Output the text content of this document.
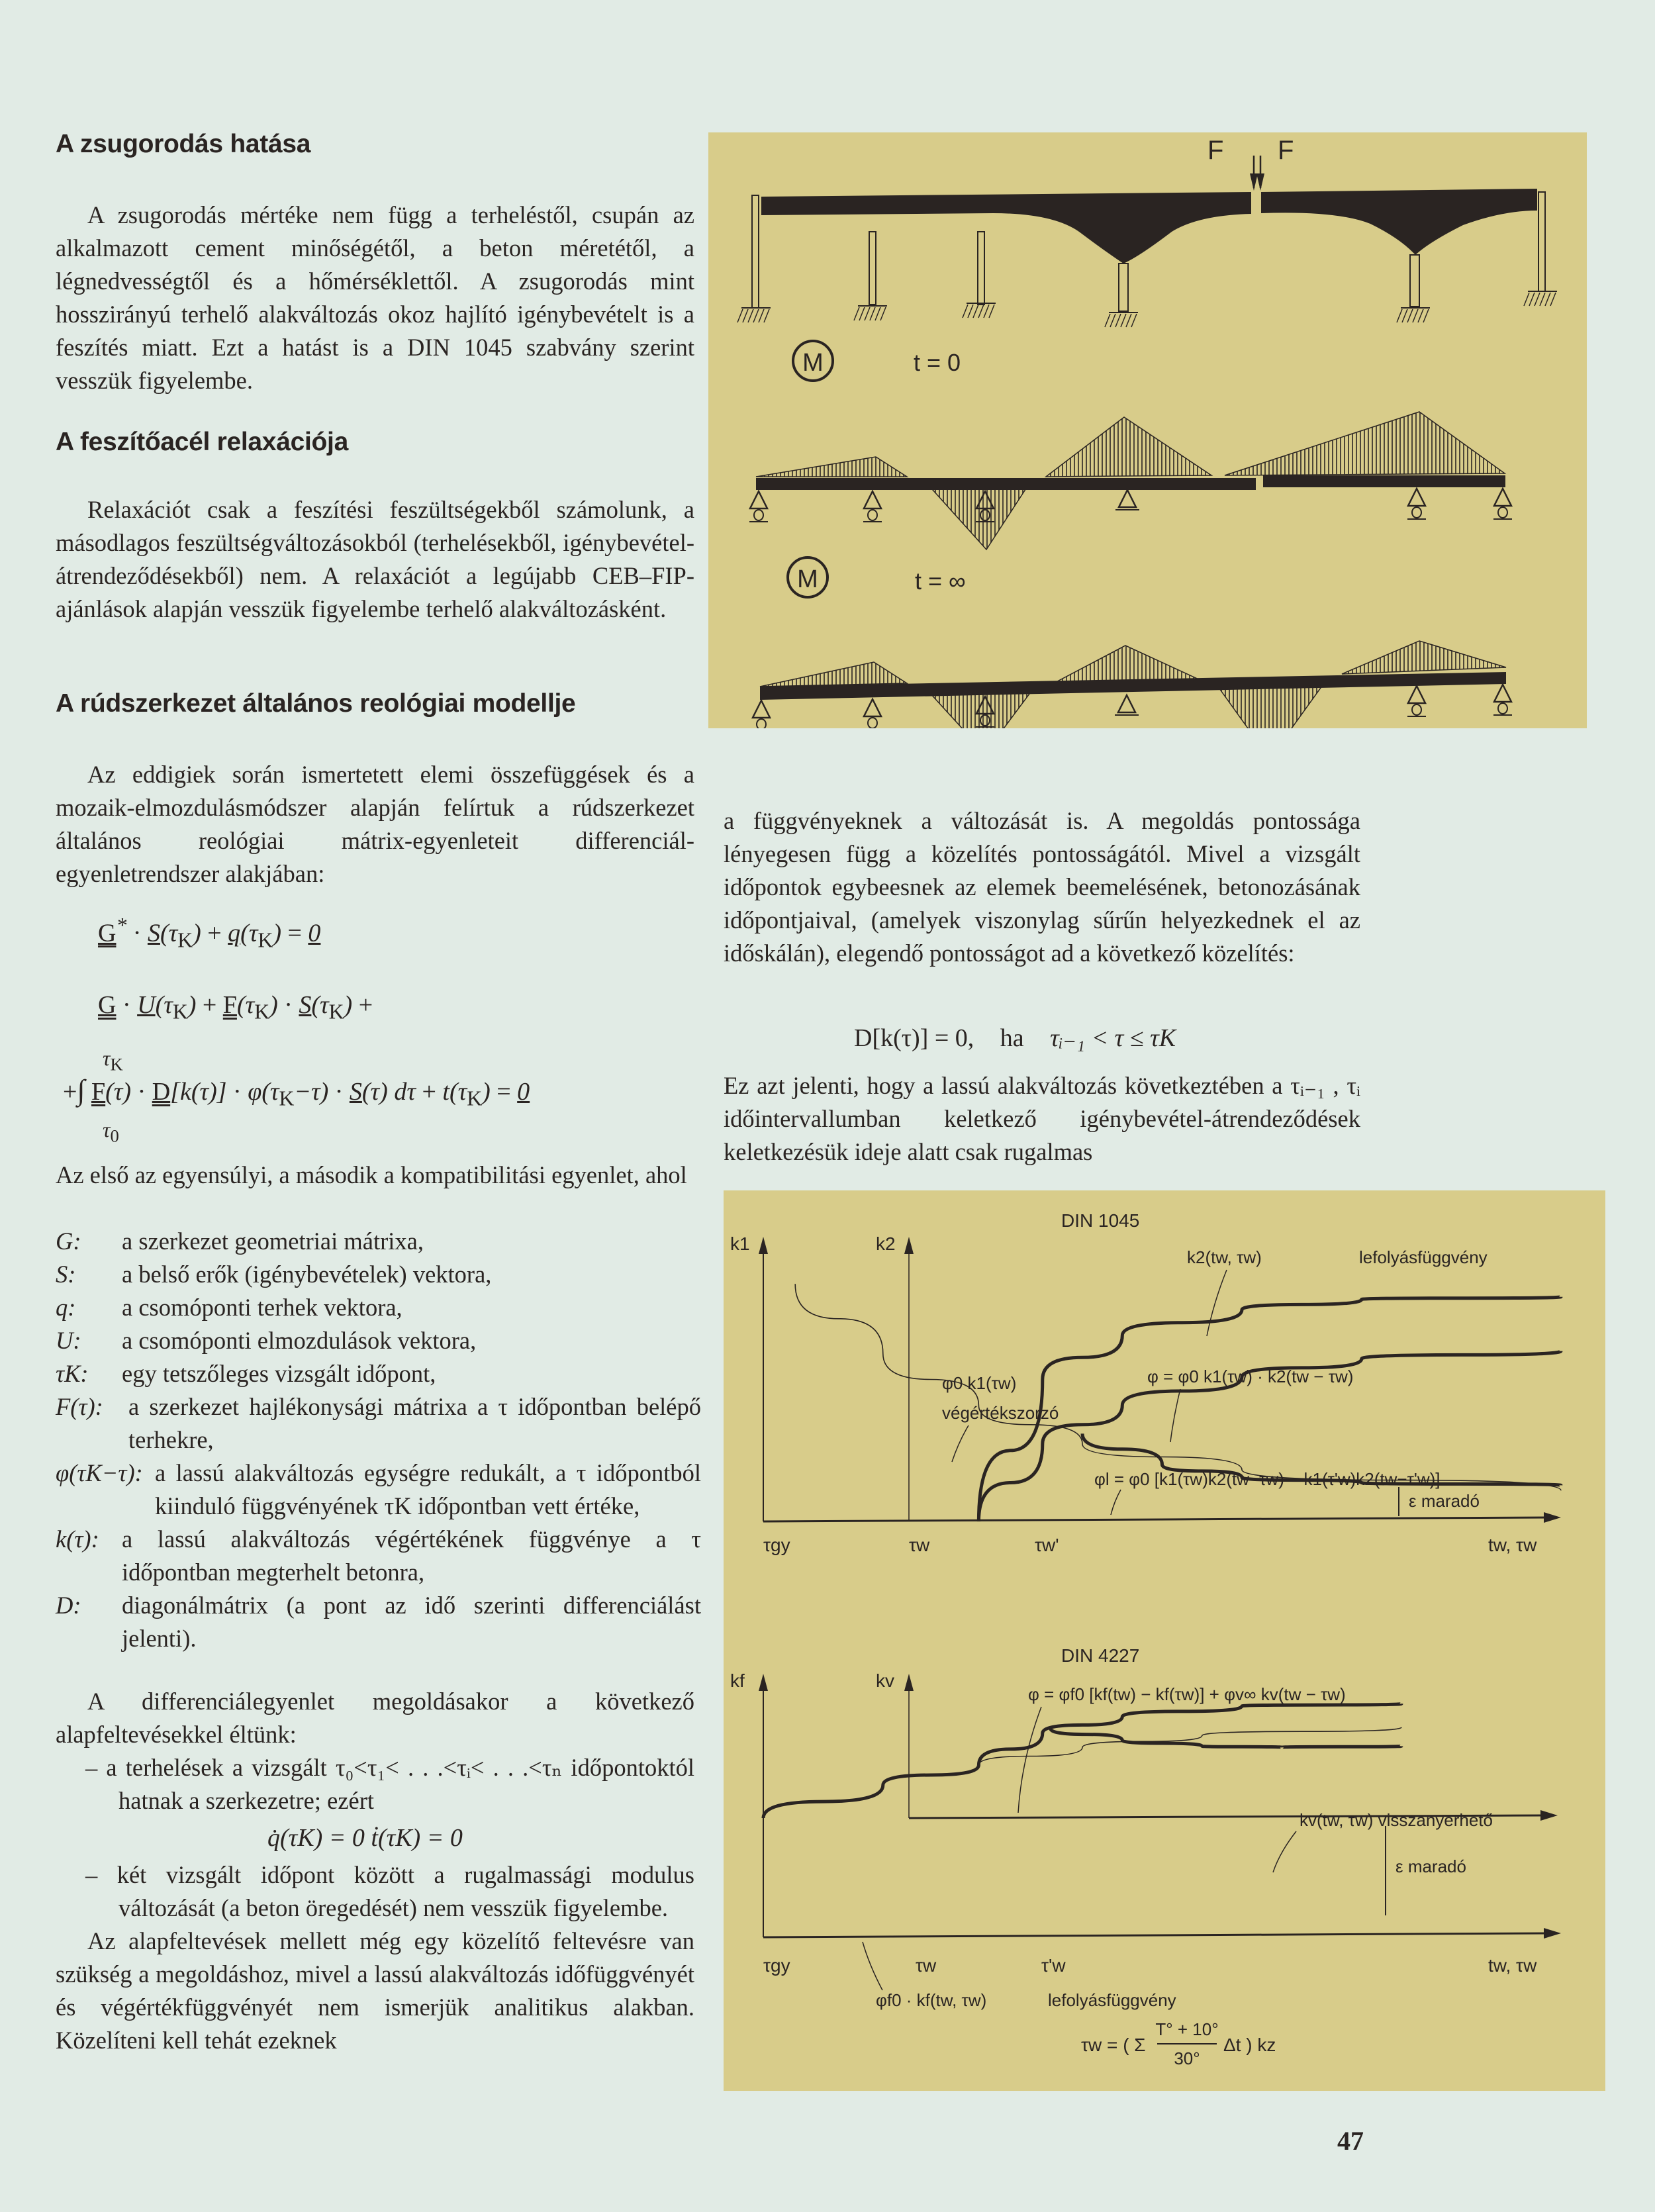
A zsugorodás hatása

A zsugorodás mértéke nem függ a terheléstől, csupán az alkalmazott cement minőségétől, a beton méretétől, a légnedvességtől és a hőmérséklettől. A zsugorodás mint hosszirányú terhelő alakváltozás okoz hajlító igénybevételt is a feszítés miatt. Ezt a hatást is a DIN 1045 szabvány szerint vesszük figyelembe.

A feszítőacél relaxációja

Relaxációt csak a feszítési feszültségekből számolunk, a másodlagos feszültségváltozásokból (terhelésekből, igénybevétel-átrendeződésekből) nem. A relaxációt a legújabb CEB–FIP-ajánlások alapján vesszük figyelembe terhelő alakváltozásként.

A rúdszerkezet általános reológiai modellje

Az eddigiek során ismertetett elemi összefüggések és a mozaik-elmozdulásmódszer alapján felírtuk a rúdszerkezet általános reológiai mátrix-egyenleteit differenciál-egyenletrendszer alakjában:

$G^* \cdot S(\tau_K) + q(\tau_K) = 0$
$G \cdot U(\tau_K) + F(\tau_K) \cdot S(\tau_K)$ +
$\tau_K$
+∫ $F(\tau) \cdot D[k(\tau)] \cdot \varphi(\tau_K-\tau) \cdot S(\tau) d\tau + t(\tau_K) = 0$
$\tau_0$

Az első az egyensúlyi, a második a kompatibilitási egyenlet, ahol

G:	a szerkezet geometriai mátrixa,
S:	a belső erők (igénybevételek) vektora,
q:	a csomóponti terhek vektora,
U:	a csomóponti elmozdulások vektora,
τK:	egy tetszőleges vizsgált időpont,
F(τ):	a szerkezet hajlékonysági mátrixa a τ időpontban belépő terhekre,
φ(τK−τ): a lassú alakváltozás egységre redukált, a τ időpontból kiinduló függvényének τK időpontban vett értéke,
k(τ): a lassú alakváltozás végértékének függvénye a τ időpontban megterhelt betonra,
D:	diagonálmátrix (a pont az idő szerinti differenciálást jelenti).

A differenciálegyenlet megoldásakor a következő alapfeltevésekkel éltünk:

– a terhelések a vizsgált τ₀<τ₁< . . .<τᵢ< . . .<τₙ időpontoktól hatnak a szerkezetre; ezért
q̇(τK) = 0 ṫ(τK) = 0
– két vizsgált időpont között a rugalmassági modulus változását (a beton öregedését) nem vesszük figyelembe.

Az alapfeltevések mellett még egy közelítő feltevésre van szükség a megoldáshoz, mivel a lassú alakváltozás időfüggvényét és végértékfüggvényét nem ismerjük analitikus alakban. Közelíteni kell tehát ezeknek

a függvényeknek a változását is. A megoldás pontossága lényegesen függ a közelítés pontosságától. Mivel a vizsgált időpontok egybeesnek az elemek beemelésének, betonozásának időpontjaival, (amelyek viszonylag sűrűn helyezkednek el az időskálán), elegendő pontosságot ad a következő közelítés:

D[k(τ)] = 0, ha τᵢ₋₁ < τ ≤ τK

Ez azt jelenti, hogy a lassú alakváltozás következtében a τᵢ₋₁ , τᵢ időintervallumban keletkező igénybevétel-átrendeződések keletkezésük ideje alatt csak rugalmas

F F
M	t = 0
M	t = ∞
DIN 1045
k1	k2
τgy	τw	τw'	tw, τw
DIN 4227
kf	kv
τgy	τw	τ'w	tw, τw
k2(tw, τw)	lefolyásfüggvény
φ0 k1(τw)
végértékszorzó
φ = φ0 k1(τw) · k2(tw − τw)
φl = φ0 [k1(τw)k2(tw−τw) − k1(τ'w)k2(tw−τ'w)]
ε maradó
φ = φf0 [kf(tw) − kf(τw)] + φv∞ kv(tw − τw)
kv(tw, τw) visszanyerhető
ε maradó
φf0 · kf(tw, τw)	lefolyásfüggvény
τw = ( Σ
T° + 10°
30°
Δt ) kz
47
